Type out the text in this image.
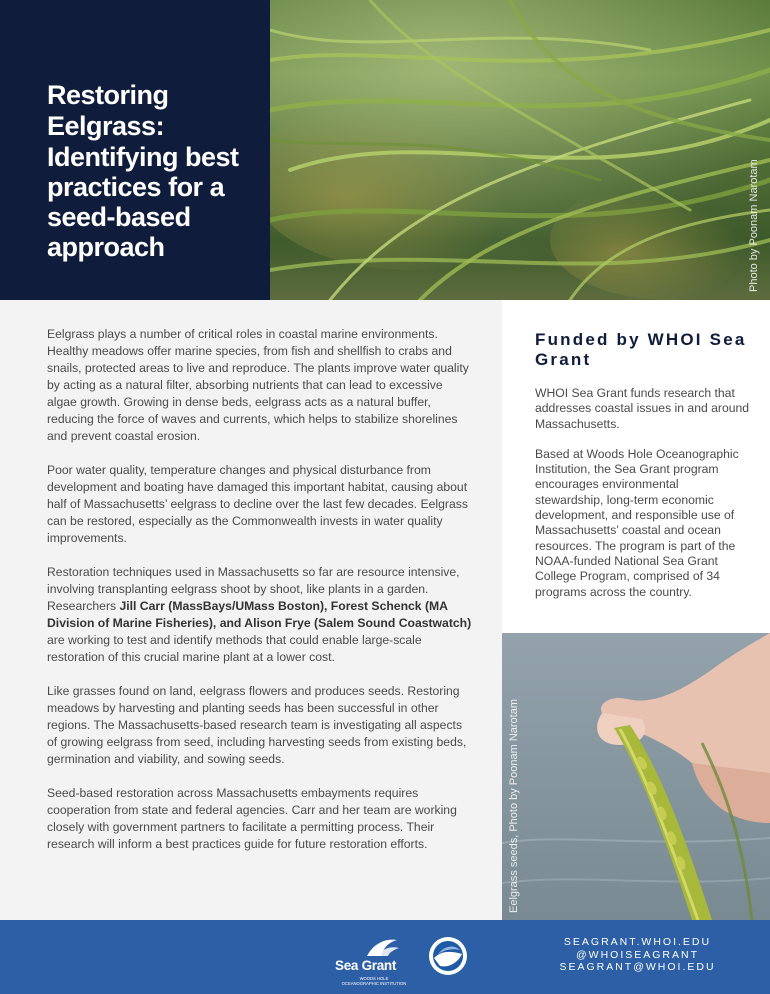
Restoring Eelgrass:
Identifying best practices for a seed-based approach	Photo by Poonam Narotam

Eelgrass plays a number of critical roles in coastal marine environments. Healthy meadows offer marine species, from fish and shellfish to crabs and snails, protected areas to live and reproduce. The plants improve water quality by acting as a natural filter, absorbing nutrients that can lead to excessive algae growth. Growing in dense beds, eelgrass acts as a natural buffer, reducing the force of waves and currents, which helps to stabilize shorelines and prevent coastal erosion.

Poor water quality, temperature changes and physical disturbance from development and boating have damaged this important habitat, causing about half of Massachusetts’ eelgrass to decline over the last few decades. Eelgrass can be restored, especially as the Commonwealth invests in water quality improvements.

Restoration techniques used in Massachusetts so far are resource intensive, involving transplanting eelgrass shoot by shoot, like plants in a garden. Researchers Jill Carr (MassBays/UMass Boston), Forest Schenck (MA Division of Marine Fisheries), and Alison Frye (Salem Sound Coastwatch) are working to test and identify methods that could enable large-scale restoration of this crucial marine plant at a lower cost.

Like grasses found on land, eelgrass flowers and produces seeds. Restoring meadows by harvesting and planting seeds has been successful in other regions. The Massachusetts-based research team is investigating all aspects of growing eelgrass from seed, including harvesting seeds from existing beds, germination and viability, and sowing seeds.

Seed-based restoration across Massachusetts embayments requires cooperation from state and federal agencies. Carr and her team are working closely with government partners to facilitate a permitting process. Their research will inform a best practices guide for future restoration efforts.

Funded by WHOI Sea Grant

WHOI Sea Grant funds research that addresses coastal issues in and around Massachusetts.

Based at Woods Hole Oceanographic Institution, the Sea Grant program encourages environmental stewardship, long-term economic development, and responsible use of Massachusetts’ coastal and ocean resources. The program is part of the NOAA-funded National Sea Grant College Program, comprised of 34 programs across the country.

Eelgrass seeds, Photo by Poonam Narotam
Sea Grant
WOODS HOLE
OCEANOGRAPHIC INSTITUTION
NOAA	SEAGRANT.WHOI.EDU
@WHOISEAGRANT
SEAGRANT@WHOI.EDU
